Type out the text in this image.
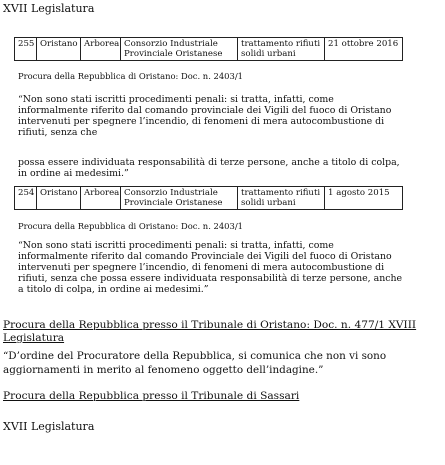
XVII Legislatura
255	Oristano	Arborea	Consorzio Industriale Provinciale Oristanese	trattamento rifiuti solidi urbani	21 ottobre 2016
Procura della Repubblica di Oristano: Doc. n. 2403/1
“Non sono stati iscritti procedimenti penali: si tratta, infatti, come informalmente riferito dal comando provinciale dei Vigili del fuoco di Oristano intervenuti per spegnere l’incendio, di fenomeni di mera autocombustione di rifiuti, senza che
possa essere individuata responsabilità di terze persone, anche a titolo di colpa, in ordine ai medesimi.”
254	Oristano	Arborea	Consorzio Industriale Provinciale Oristanese	trattamento rifiuti solidi urbani	1 agosto 2015
Procura della Repubblica di Oristano: Doc. n. 2403/1
“Non sono stati iscritti procedimenti penali: si tratta, infatti, come informalmente riferito dal comando Provinciale dei Vigili del fuoco di Oristano intervenuti per spegnere l’incendio, di fenomeni di mera autocombustione di rifiuti, senza che possa essere individuata responsabilità di terze persone, anche a titolo di colpa, in ordine ai medesimi.”
Procura della Repubblica presso il Tribunale di Oristano: Doc. n. 477/1 XVIII Legislatura
“D’ordine del Procuratore della Repubblica, si comunica che non vi sono aggiornamenti in merito al fenomeno oggetto dell’indagine.”
Procura della Repubblica presso il Tribunale di Sassari
XVII Legislatura
